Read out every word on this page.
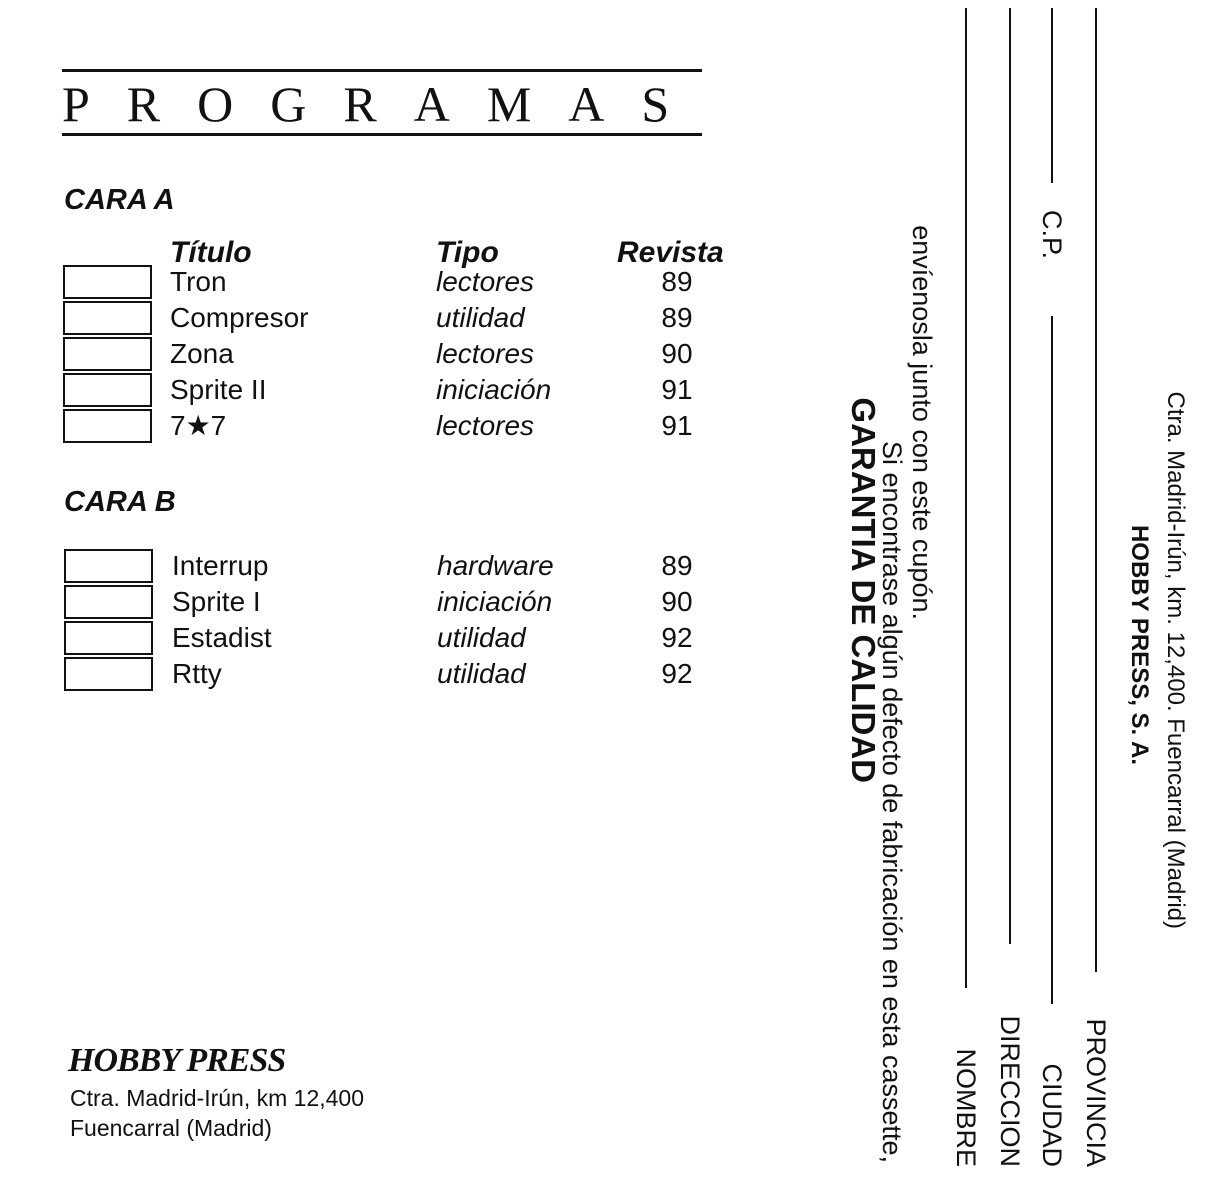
PROGRAMAS
CARA A
Título	Tipo	Revista
Tron	lectores	89
Compresor	utilidad	89
Zona	lectores	90
Sprite II	iniciación	91
7★7	lectores	91
CARA B
Interrup	hardware	89
Sprite I	iniciación	90
Estadist	utilidad	92
Rtty	utilidad	92
HOBBY PRESS
Ctra. Madrid-Irún, km 12,400
Fuencarral (Madrid)
GARANTIA DE CALIDAD
Si encontrase algún defecto de fabricación en esta cassette,
envíenosla junto con este cupón.
NOMBRE DIRECCION CIUDAD
C.P.
PROVINCIA
HOBBY PRESS, S. A. Ctra. Madrid-Irún, km. 12,400. Fuencarral (Madrid)
